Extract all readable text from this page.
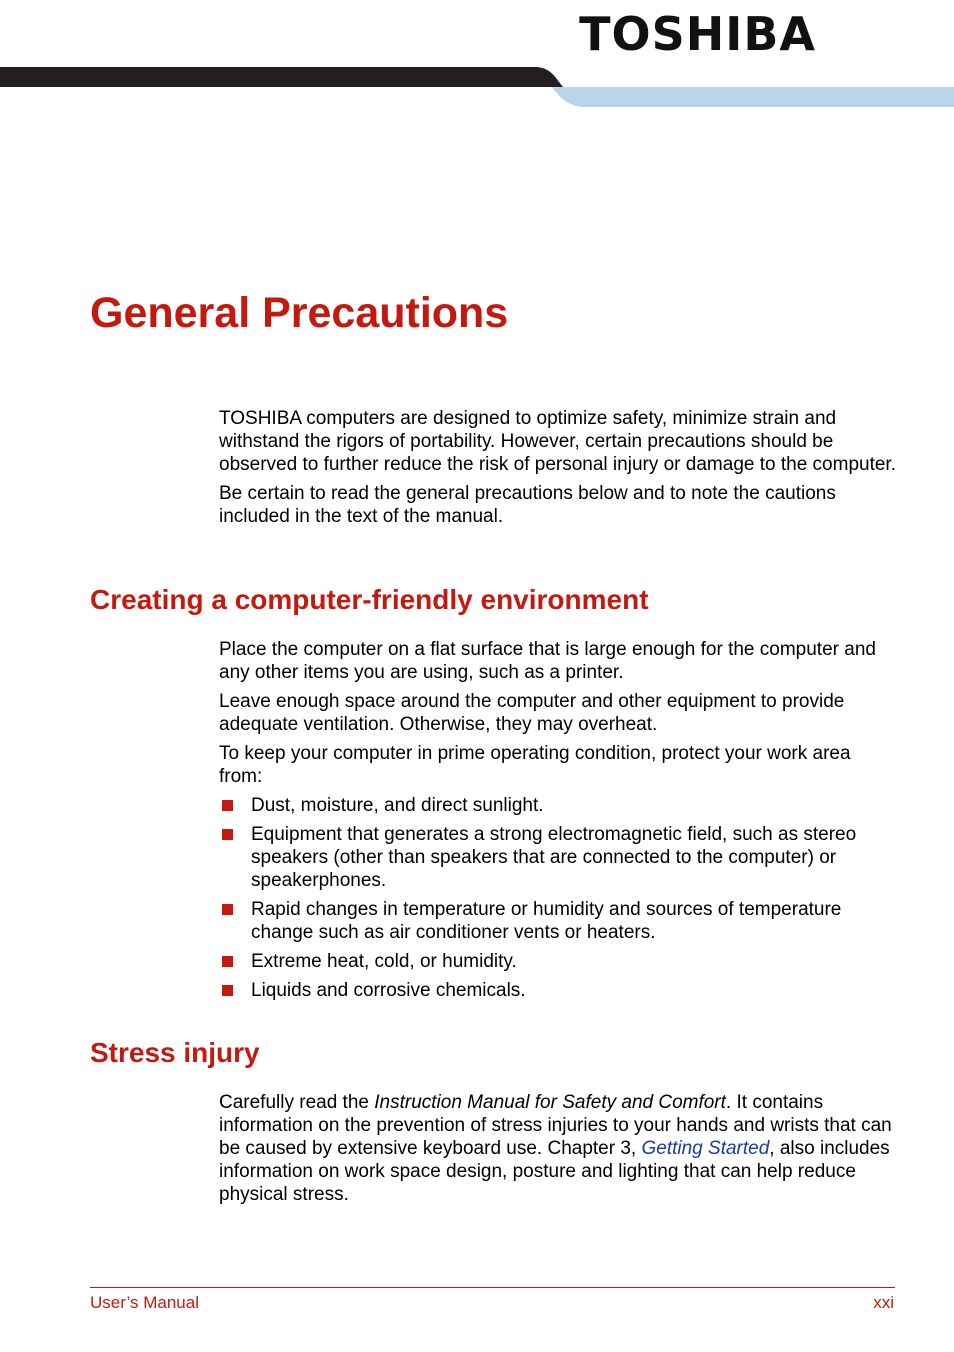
TOSHIBA
General Precautions

TOSHIBA computers are designed to optimize safety, minimize strain and withstand the rigors of portability. However, certain precautions should be observed to further reduce the risk of personal injury or damage to the computer.

Be certain to read the general precautions below and to note the cautions included in the text of the manual.

Creating a computer-friendly environment

Place the computer on a flat surface that is large enough for the computer and any other items you are using, such as a printer.

Leave enough space around the computer and other equipment to provide adequate ventilation. Otherwise, they may overheat.

To keep your computer in prime operating condition, protect your work area from:

Dust, moisture, and direct sunlight.
Equipment that generates a strong electromagnetic field, such as stereo speakers (other than speakers that are connected to the computer) or speakerphones.
Rapid changes in temperature or humidity and sources of temperature change such as air conditioner vents or heaters.
Extreme heat, cold, or humidity.
Liquids and corrosive chemicals.
Stress injury

Carefully read the Instruction Manual for Safety and Comfort. It contains information on the prevention of stress injuries to your hands and wrists that can be caused by extensive keyboard use. Chapter 3, Getting Started, also includes information on work space design, posture and lighting that can help reduce physical stress.

User’s Manual	xxi
